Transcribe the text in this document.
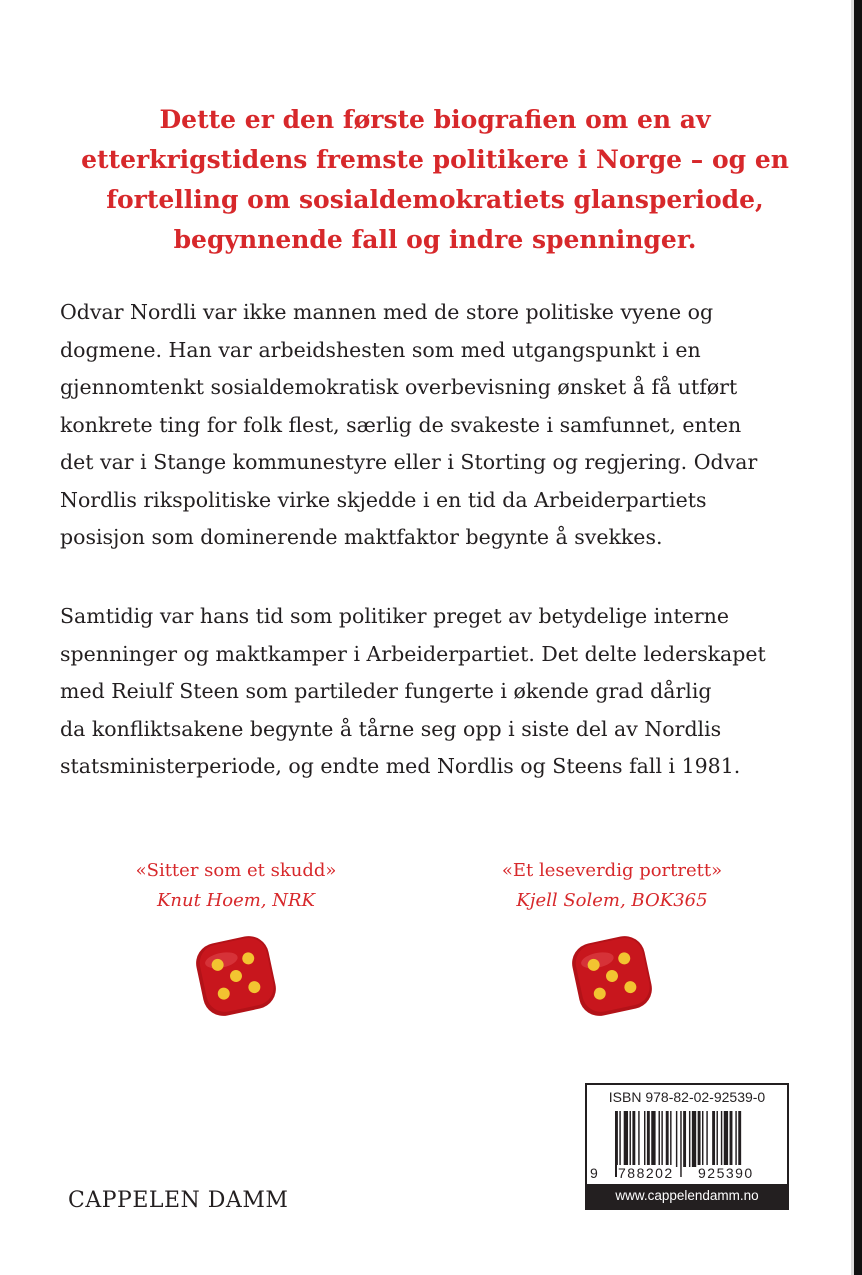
Dette er den første biografien om en av
etterkrigstidens fremste politikere i Norge – og en
fortelling om sosialdemokratiets glansperiode,
begynnende fall og indre spenninger.
Odvar Nordli var ikke mannen med de store politiske vyene og
dogmene. Han var arbeidshesten som med utgangspunkt i en
gjennomtenkt sosialdemokratisk overbevisning ønsket å få utført
konkrete ting for folk flest, særlig de svakeste i samfunnet, enten
det var i Stange kommunestyre eller i Storting og regjering. Odvar
Nordlis rikspolitiske virke skjedde i en tid da Arbeiderpartiets
posisjon som dominerende maktfaktor begynte å svekkes.
Samtidig var hans tid som politiker preget av betydelige interne
spenninger og maktkamper i Arbeiderpartiet. Det delte lederskapet
med Reiulf Steen som partileder fungerte i økende grad dårlig
da konfliktsakene begynte å tårne seg opp i siste del av Nordlis
statsministerperiode, og endte med Nordlis og Steens fall i 1981.
«Sitter som et skudd»
Knut Hoem, NRK
«Et leseverdig portrett»
Kjell Solem, BOK365
CAPPELEN DAMM
ISBN 978-82-02-92539-0
9 788202 925390
www.cappelendamm.no
